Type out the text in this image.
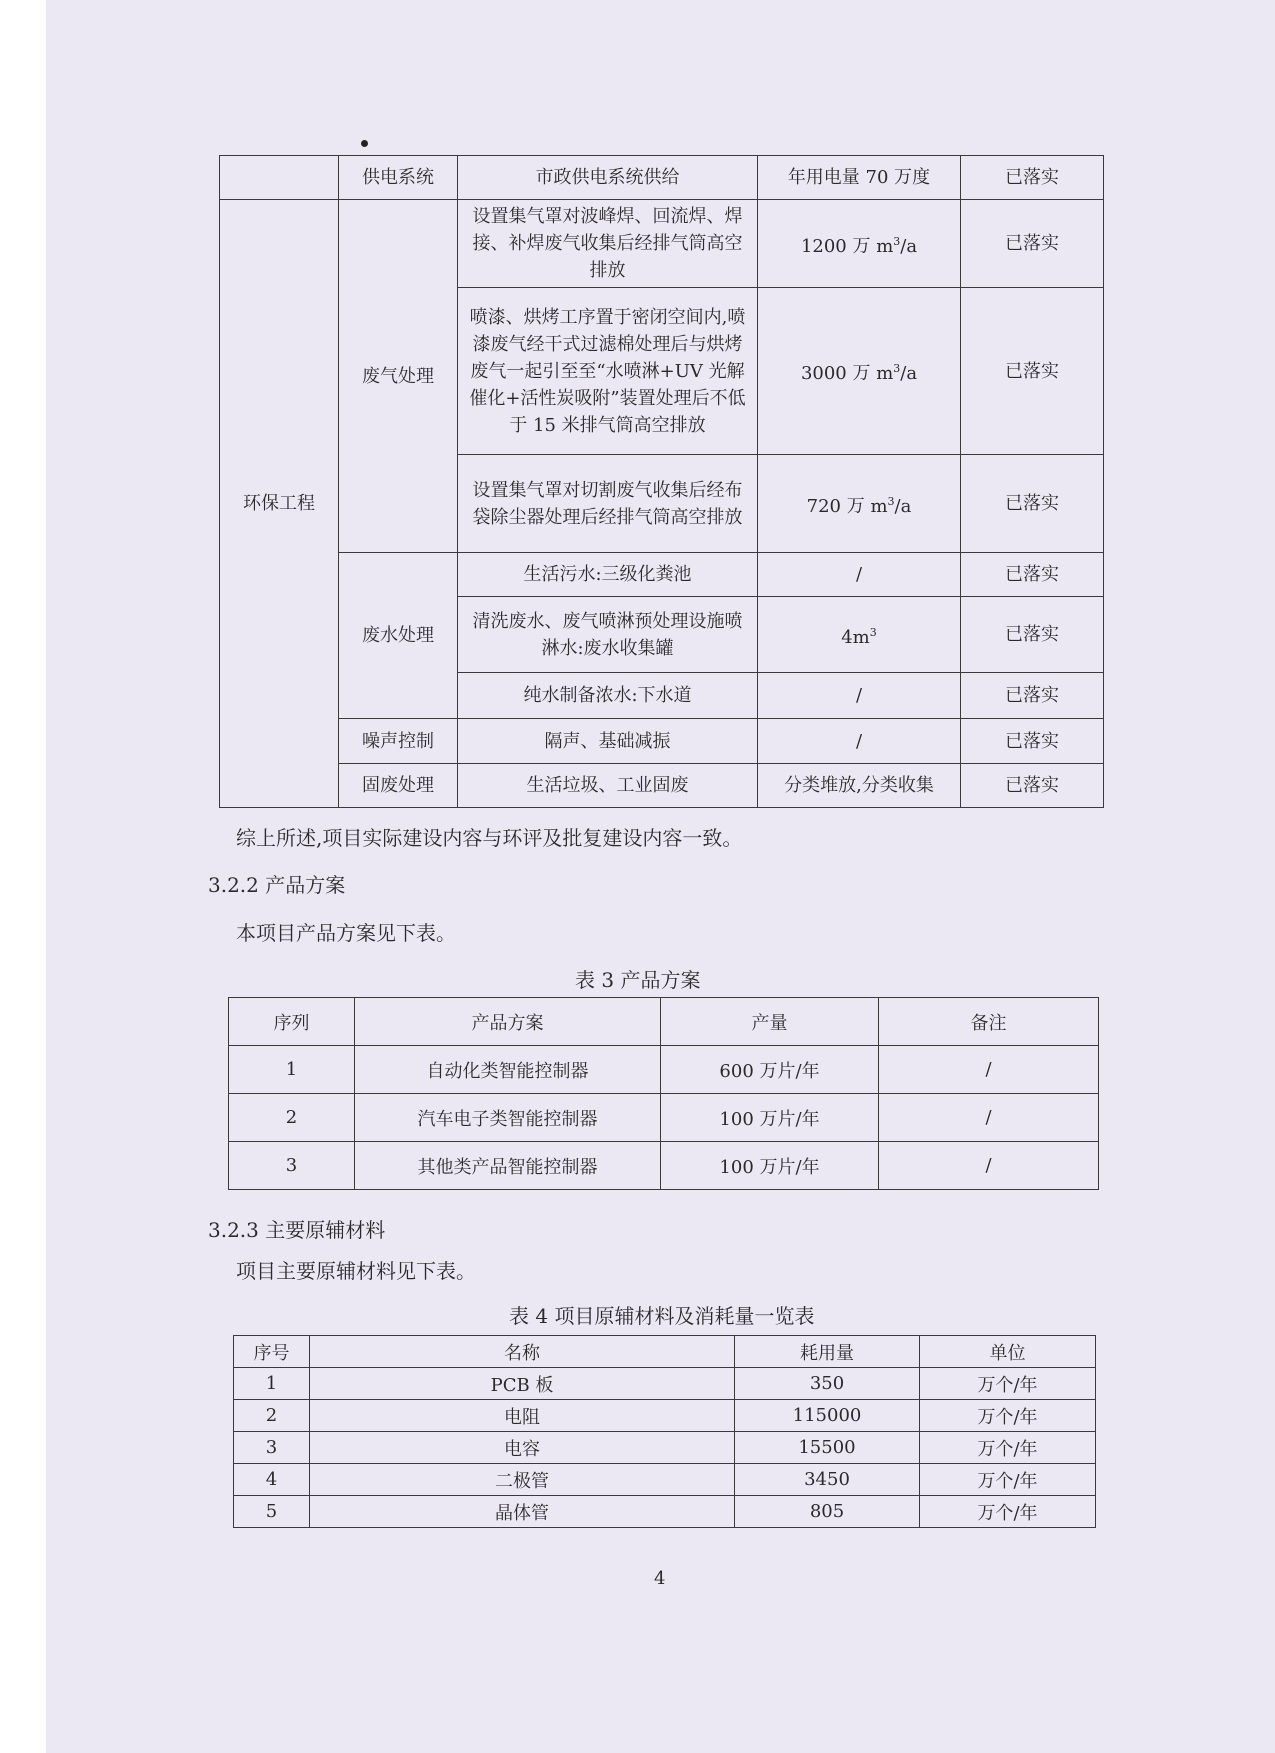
	供电系统	市政供电系统供给	年用电量 70 万度	已落实
环保工程	废气处理	设置集气罩对波峰焊、回流焊、焊接、补焊废气收集后经排气筒高空排放	1200 万 $m^3/a$	已落实
		喷漆、烘烤工序置于密闭空间内,喷漆废气经干式过滤棉处理后与烘烤废气一起引至至“水喷淋+UV 光解催化+活性炭吸附”装置处理后不低于 15 米排气筒高空排放	3000 万 $m^3/a$	已落实
		设置集气罩对切割废气收集后经布袋除尘器处理后经排气筒高空排放	720 万 $m^3/a$	已落实
	废水处理	生活污水:三级化粪池	/	已落实
		清洗废水、废气喷淋预处理设施喷淋水:废水收集罐	$4m^3$	已落实
		纯水制备浓水:下水道	/	已落实
	噪声控制	隔声、基础减振	/	已落实
	固废处理	生活垃圾、工业固废	分类堆放,分类收集	已落实
综上所述,项目实际建设内容与环评及批复建设内容一致。
3.2.2 产品方案
本项目产品方案见下表。
表 3 产品方案
序列	产品方案	产量	备注
1	自动化类智能控制器	600 万片/年	/
2	汽车电子类智能控制器	100 万片/年	/
3	其他类产品智能控制器	100 万片/年	/
3.2.3 主要原辅材料
项目主要原辅材料见下表。
表 4 项目原辅材料及消耗量一览表
序号	名称	耗用量	单位
1	PCB 板	350	万个/年
2	电阻	115000	万个/年
3	电容	15500	万个/年
4	二极管	3450	万个/年
5	晶体管	805	万个/年
4
